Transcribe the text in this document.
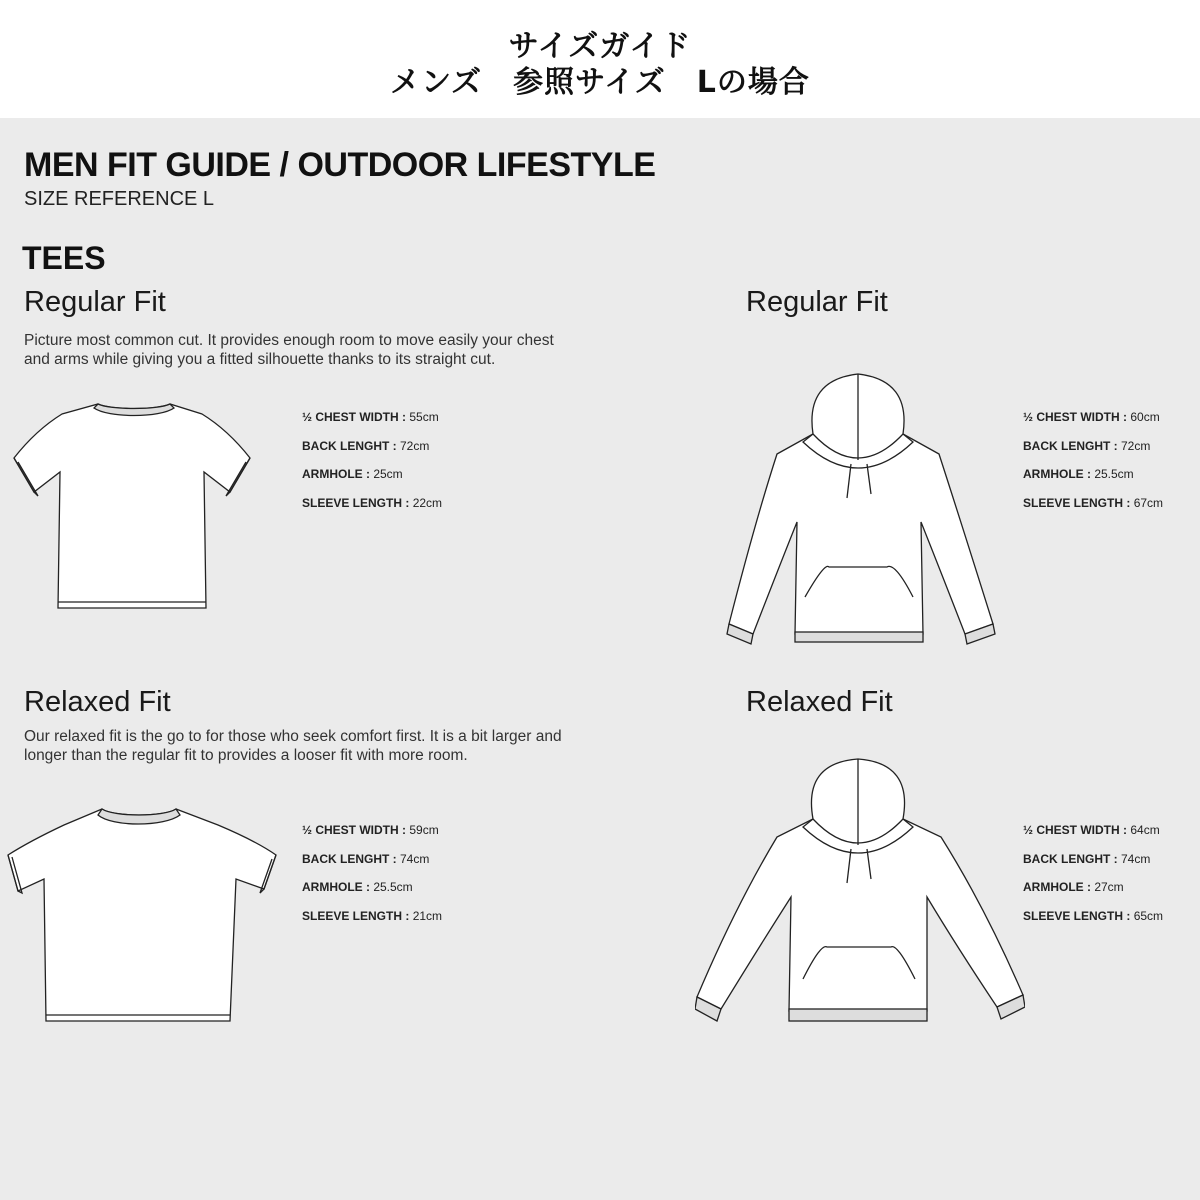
サイズガイド
メンズ　参照サイズ　Lの場合
MEN FIT GUIDE / OUTDOOR LIFESTYLE
SIZE REFERENCE L
TEES
Regular Fit
Picture most common cut. It provides enough room to move easily your chest and arms while giving you a fitted silhouette thanks to its straight cut.
½ CHEST WIDTH : 55cm
BACK LENGHT : 72cm
ARMHOLE : 25cm
SLEEVE LENGTH : 22cm
Regular Fit
½ CHEST WIDTH : 60cm
BACK LENGHT : 72cm
ARMHOLE : 25.5cm
SLEEVE LENGTH : 67cm
Relaxed Fit
Our relaxed fit is the go to for those who seek comfort first. It is a bit larger and longer than the regular fit to provides a looser fit with more room.
½ CHEST WIDTH : 59cm
BACK LENGHT : 74cm
ARMHOLE : 25.5cm
SLEEVE LENGTH : 21cm
Relaxed Fit
½ CHEST WIDTH : 64cm
BACK LENGHT : 74cm
ARMHOLE : 27cm
SLEEVE LENGTH : 65cm
